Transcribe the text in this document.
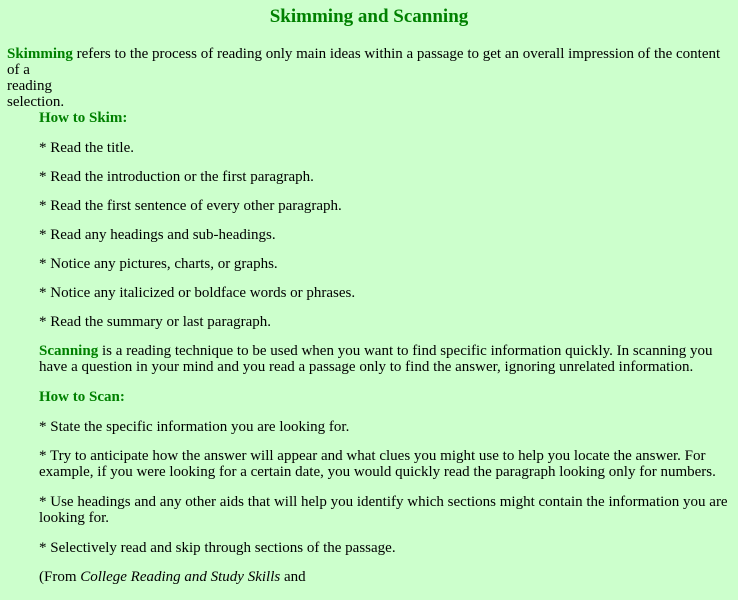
Skimming and Scanning

Skimming refers to the process of reading only main ideas within a passage to get an overall impression of the content of a
reading
selection.

How to Skim:

* Read the title.

* Read the introduction or the first paragraph.

* Read the first sentence of every other paragraph.

* Read any headings and sub-headings.

* Notice any pictures, charts, or graphs.

* Notice any italicized or boldface words or phrases.

* Read the summary or last paragraph.

Scanning is a reading technique to be used when you want to find specific information quickly. In scanning you have a question in your mind and you read a passage only to find the answer, ignoring unrelated information.

How to Scan:

* State the specific information you are looking for.

* Try to anticipate how the answer will appear and what clues you might use to help you locate the answer. For example, if you were looking for a certain date, you would quickly read the paragraph looking only for numbers.

* Use headings and any other aids that will help you identify which sections might contain the information you are looking for.

* Selectively read and skip through sections of the passage.

(From College Reading and Study Skills and
